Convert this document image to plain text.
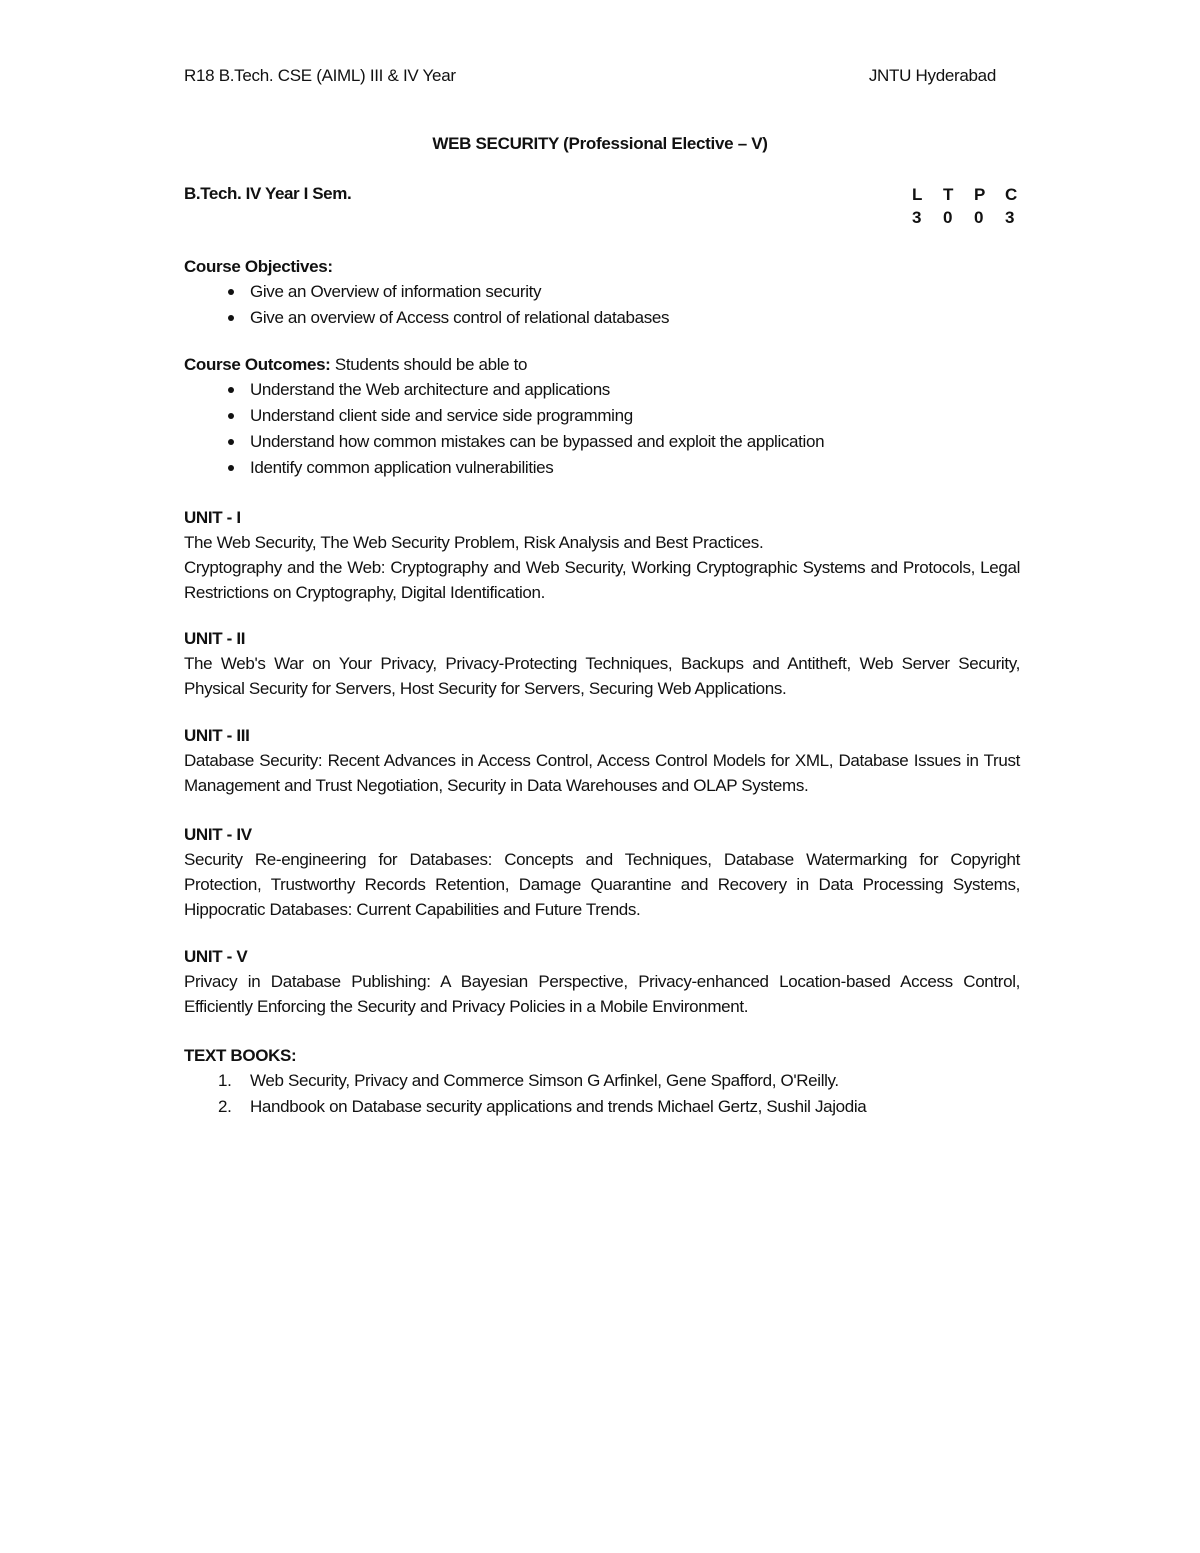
R18 B.Tech. CSE (AIML) III & IV Year	JNTU Hyderabad
WEB SECURITY (Professional Elective – V)
B.Tech. IV Year I Sem.	L	T	P	C
3	0	0	3
Course Objectives:
Give an Overview of information security
Give an overview of Access control of relational databases
Course Outcomes: Students should be able to
Understand the Web architecture and applications
Understand client side and service side programming
Understand how common mistakes can be bypassed and exploit the application
Identify common application vulnerabilities
UNIT - I
The Web Security, The Web Security Problem, Risk Analysis and Best Practices.
Cryptography and the Web: Cryptography and Web Security, Working Cryptographic Systems and Protocols, Legal Restrictions on Cryptography, Digital Identification.
UNIT - II
The Web's War on Your Privacy, Privacy-Protecting Techniques, Backups and Antitheft, Web Server Security, Physical Security for Servers, Host Security for Servers, Securing Web Applications.
UNIT - III
Database Security: Recent Advances in Access Control, Access Control Models for XML, Database Issues in Trust Management and Trust Negotiation, Security in Data Warehouses and OLAP Systems.
UNIT - IV
Security Re-engineering for Databases: Concepts and Techniques, Database Watermarking for Copyright Protection, Trustworthy Records Retention, Damage Quarantine and Recovery in Data Processing Systems, Hippocratic Databases: Current Capabilities and Future Trends.
UNIT - V
Privacy in Database Publishing: A Bayesian Perspective, Privacy-enhanced Location-based Access Control, Efficiently Enforcing the Security and Privacy Policies in a Mobile Environment.
TEXT BOOKS:
1. Web Security, Privacy and Commerce Simson G Arfinkel, Gene Spafford, O'Reilly.
2. Handbook on Database security applications and trends Michael Gertz, Sushil Jajodia
